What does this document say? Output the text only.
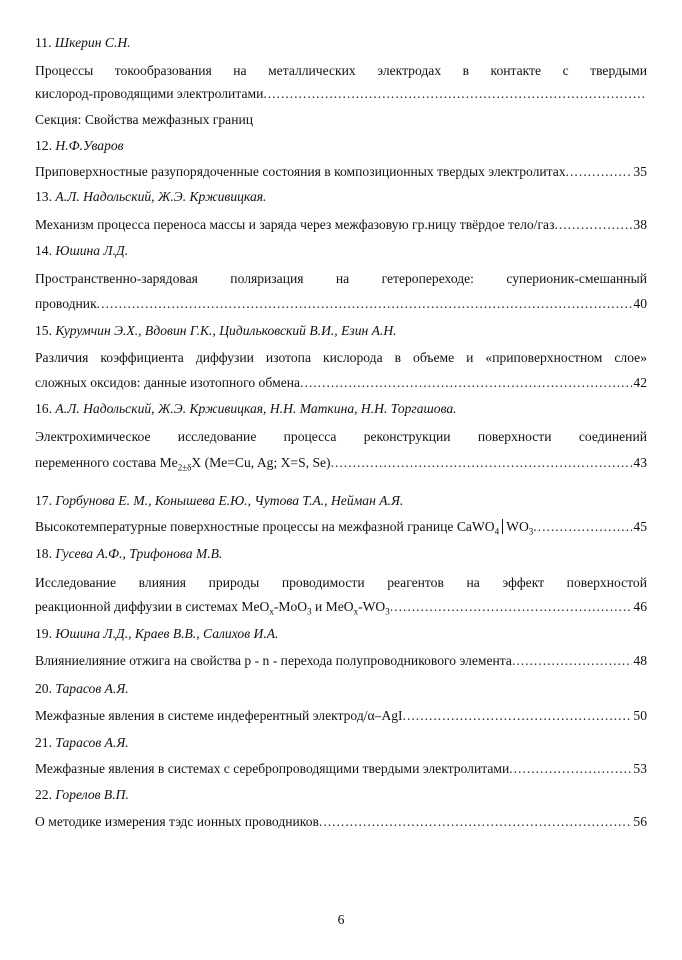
11. Шкерин С.Н.
Процессы токообразования на металлических электродах в контакте с твердыми
кислород-проводящими электролитами
.....
Секция: Свойства межфазных границ
12. Н.Ф.Уваров
Приповерхностные разупорядоченные состояния в композиционных твердых электролитах .....	35
13. А.Л. Надольский, Ж.Э. Крживицкая.
Механизм процесса переноса массы и заряда через межфазовую гр.ницу твёрдое тело/газ .....	38
14. Юшина Л.Д.
Пространственно-зарядовая поляризация на гетеропереходе: суперионик-смешанный
проводник .....	40
15. Курумчин Э.Х., Вдовин Г.К., Цидильковский В.И., Езин А.Н.
Различия коэффициента диффузии изотопа кислорода в объеме и «приповерхностном слое»
сложных оксидов: данные изотопного обмена .....	42
16. А.Л. Надольский, Ж.Э. Крживицкая, Н.Н. Маткина, Н.Н. Торгашова.
Электрохимическое исследование процесса реконструкции поверхности соединений
переменного состава $Me_{2\pm\delta}X$ (Me=Cu, Ag; X=S, Se) .....	43
17. Горбунова Е. М., Конышева Е.Ю., Чутова Т.А., Нейман А.Я.
Высокотемпературные поверхностные процессы на межфазной границе CaWO$_4$ $WO_3$ .....	45
18. Гусева А.Ф., Трифонова М.В.
Исследование влияния природы проводимости реагентов на эффект поверхностой
реакционной диффузии в системах MeO$_x$-MoO$_3$ и $MeO_x-WO_3$ .....	46
19. Юшина Л.Д., Краев В.В., Салихов И.А.
Влияниелияние отжига на свойства p - n - перехода полупроводникового элемента .....	48
20. Тарасов А.Я.
Межфазные явления в системе индеферентный электрод/α–AgI .....	50
21. Тарасов А.Я.
Межфазные явления в системах с серебропроводящими твердыми электролитами .....	53
22. Горелов В.П.
О методике измерения тэдс ионных проводников .....	56
6
